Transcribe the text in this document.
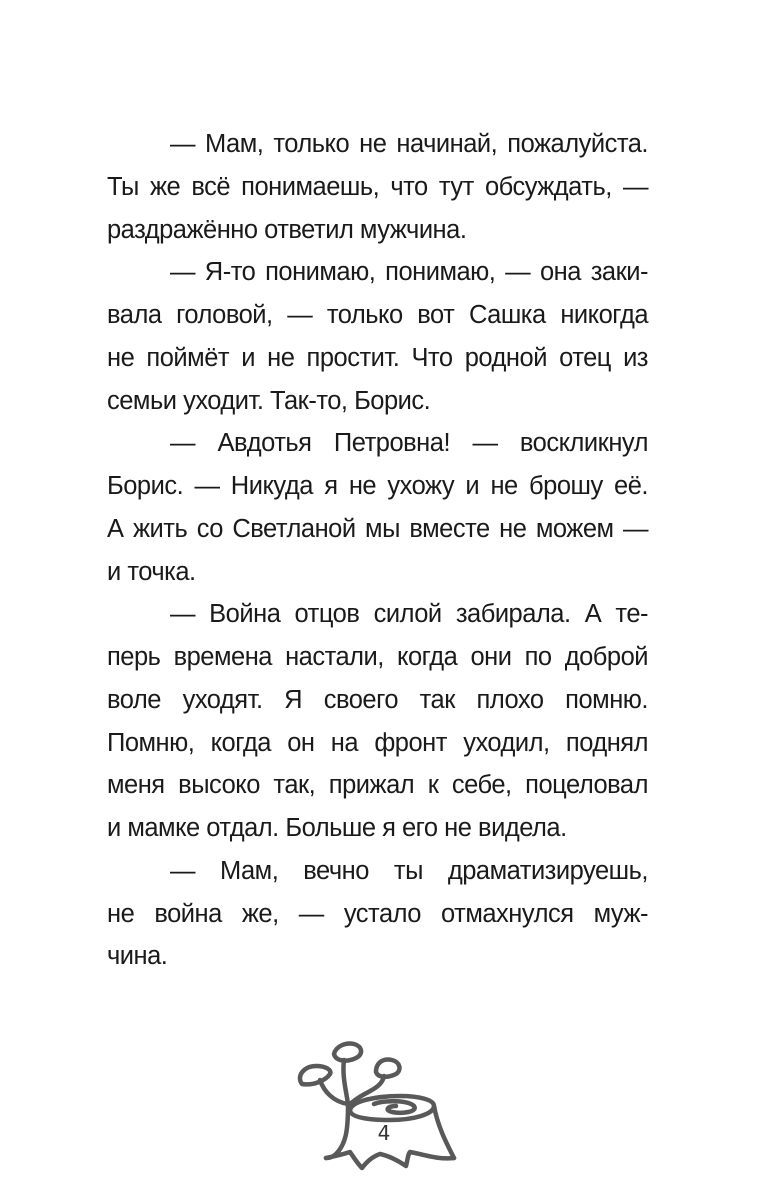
— Мам, только не начинай, пожалуйста.
Ты же всё понимаешь, что тут обсуждать, —
раздражённо ответил мужчина.
— Я-то понимаю, понимаю, — она заки-
вала головой, — только вот Сашка никогда
не поймёт и не простит. Что родной отец из
семьи уходит. Так-то, Борис.
— Авдотья Петровна! — воскликнул
Борис. — Никуда я не ухожу и не брошу её.
А жить со Светланой мы вместе не можем —
и точка.
— Война отцов силой забирала. А те-
перь времена настали, когда они по доброй
воле уходят. Я своего так плохо помню.
Помню, когда он на фронт уходил, поднял
меня высоко так, прижал к себе, поцеловал
и мамке отдал. Больше я его не видела.
— Мам, вечно ты драматизируешь,
не война же, — устало отмахнулся муж-
чина.
4
